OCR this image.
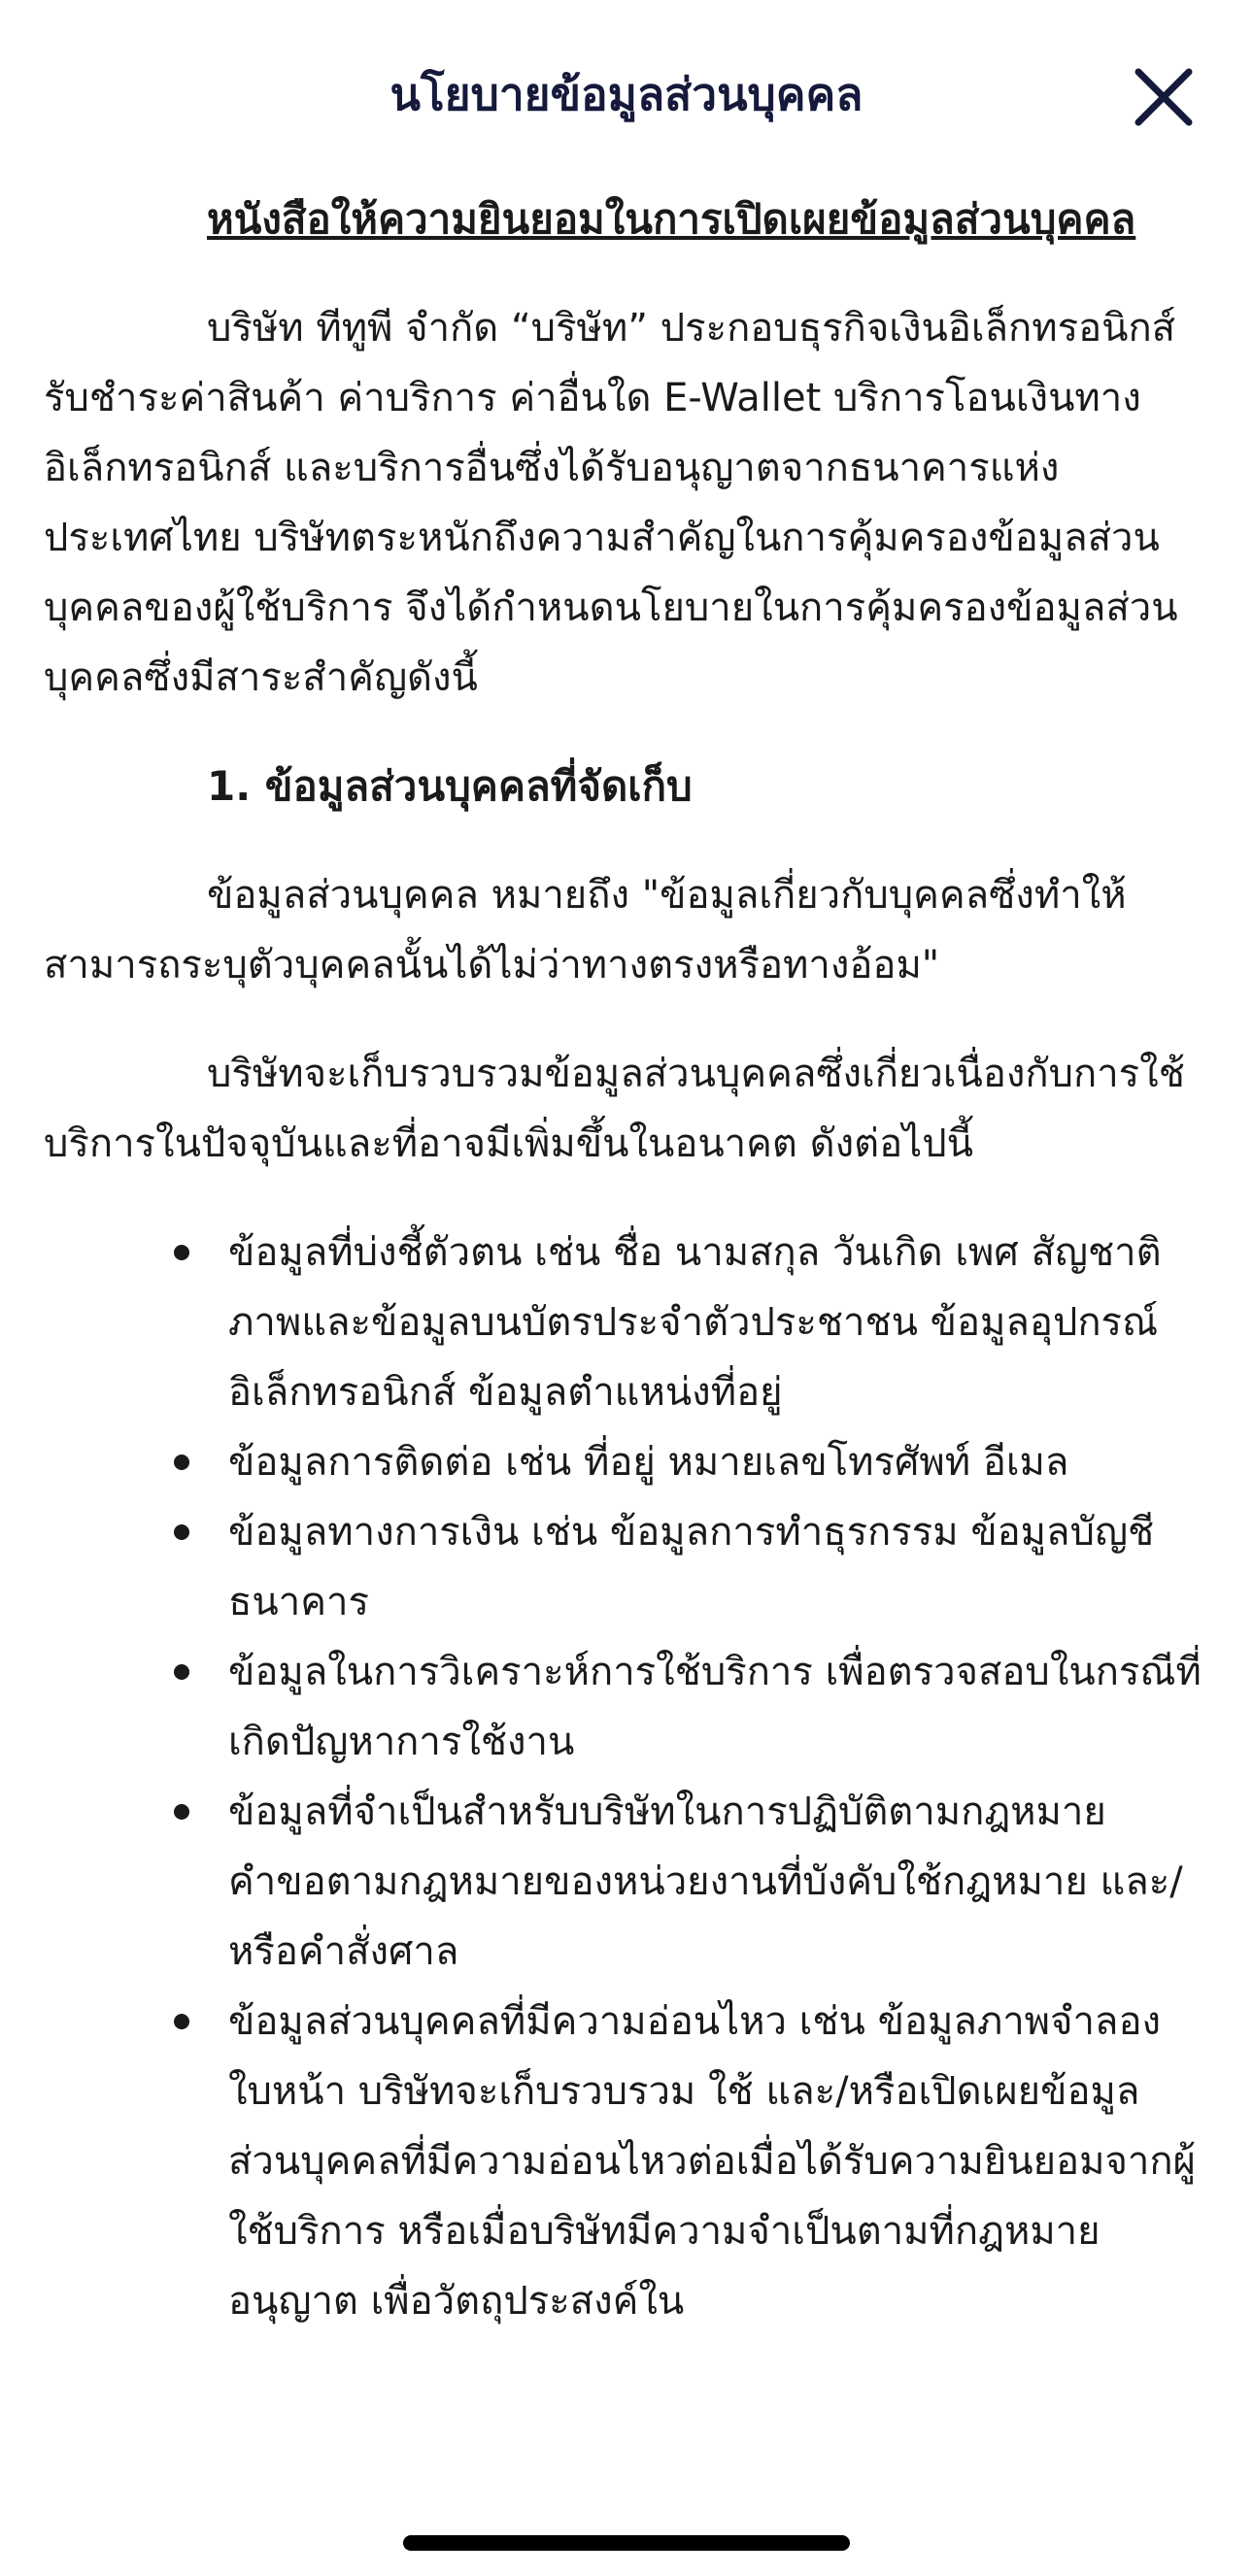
นโยบายข้อมูลส่วนบุคคล
หนังสือให้ความยินยอมในการเปิดเผยข้อมูลส่วนบุคคล

บริษัท ทีทูพี จำกัด “บริษัท” ประกอบธุรกิจเงินอิเล็กทรอนิกส์ รับชำระค่าสินค้า ค่าบริการ ค่าอื่นใด E-Wallet บริการโอนเงินทางอิเล็กทรอนิกส์ และบริการอื่นซึ่งได้รับอนุญาตจากธนาคารแห่งประเทศไทย บริษัทตระหนักถึงความสำคัญในการคุ้มครองข้อมูลส่วนบุคคลของผู้ใช้บริการ จึงได้กำหนดนโยบายในการคุ้มครองข้อมูลส่วนบุคคลซึ่งมีสาระสำคัญดังนี้

1. ข้อมูลส่วนบุคคลที่จัดเก็บ

ข้อมูลส่วนบุคคล หมายถึง "ข้อมูลเกี่ยวกับบุคคลซึ่งทำให้สามารถระบุตัวบุคคลนั้นได้ไม่ว่าทางตรงหรือทางอ้อม"

บริษัทจะเก็บรวบรวมข้อมูลส่วนบุคคลซึ่งเกี่ยวเนื่องกับการใช้บริการในปัจจุบันและที่อาจมีเพิ่มขึ้นในอนาคต ดังต่อไปนี้

ข้อมูลที่บ่งชี้ตัวตน เช่น ชื่อ นามสกุล วันเกิด เพศ สัญชาติ ภาพและข้อมูลบนบัตรประจำตัวประชาชน ข้อมูลอุปกรณ์อิเล็กทรอนิกส์ ข้อมูลตำแหน่งที่อยู่
ข้อมูลการติดต่อ เช่น ที่อยู่ หมายเลขโทรศัพท์ อีเมล
ข้อมูลทางการเงิน เช่น ข้อมูลการทำธุรกรรม ข้อมูลบัญชีธนาคาร
ข้อมูลในการวิเคราะห์การใช้บริการ เพื่อตรวจสอบในกรณีที่เกิดปัญหาการใช้งาน
ข้อมูลที่จำเป็นสำหรับบริษัทในการปฏิบัติตามกฎหมาย คำขอตามกฎหมายของหน่วยงานที่บังคับใช้กฎหมาย และ/หรือคำสั่งศาล
ข้อมูลส่วนบุคคลที่มีความอ่อนไหว เช่น ข้อมูลภาพจำลองใบหน้า บริษัทจะเก็บรวบรวม ใช้ และ/หรือเปิดเผยข้อมูลส่วนบุคคลที่มีความอ่อนไหวต่อเมื่อได้รับความยินยอมจากผู้ใช้บริการ หรือเมื่อบริษัทมีความจำเป็นตามที่กฎหมายอนุญาต เพื่อวัตถุประสงค์ใน
